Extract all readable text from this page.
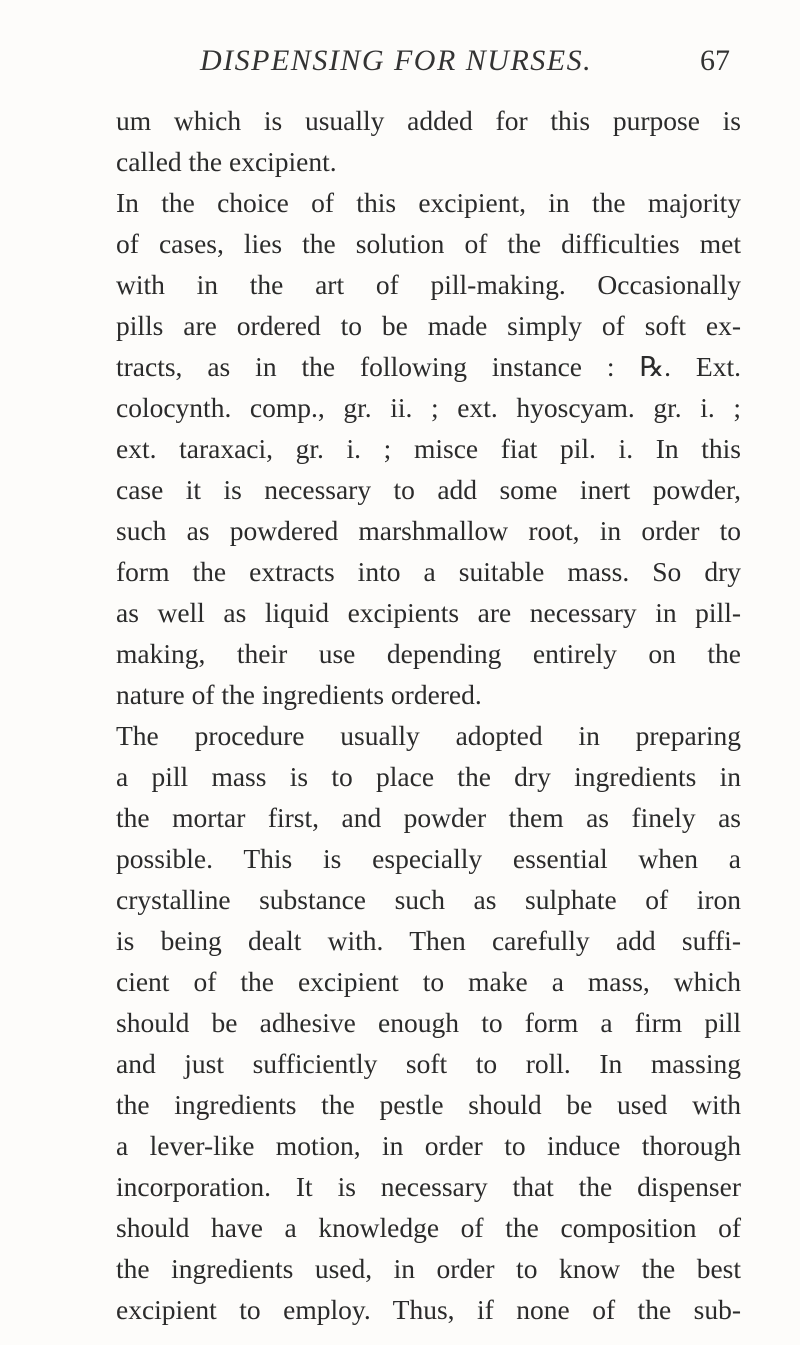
DISPENSING FOR NURSES.	67
um which is usually added for this purpose is
called the excipient.
In the choice of this excipient, in the majority
of cases, lies the solution of the difficulties met
with in the art of pill-making. Occasionally
pills are ordered to be made simply of soft ex-
tracts, as in the following instance : ℞. Ext.
colocynth. comp., gr. ii. ; ext. hyoscyam. gr. i. ;
ext. taraxaci, gr. i. ; misce fiat pil. i. In this
case it is necessary to add some inert powder,
such as powdered marshmallow root, in order to
form the extracts into a suitable mass. So dry
as well as liquid excipients are necessary in pill-
making, their use depending entirely on the
nature of the ingredients ordered.
The procedure usually adopted in preparing
a pill mass is to place the dry ingredients in
the mortar first, and powder them as finely as
possible. This is especially essential when a
crystalline substance such as sulphate of iron
is being dealt with. Then carefully add suffi-
cient of the excipient to make a mass, which
should be adhesive enough to form a firm pill
and just sufficiently soft to roll. In massing
the ingredients the pestle should be used with
a lever-like motion, in order to induce thorough
incorporation. It is necessary that the dispenser
should have a knowledge of the composition of
the ingredients used, in order to know the best
excipient to employ. Thus, if none of the sub-
